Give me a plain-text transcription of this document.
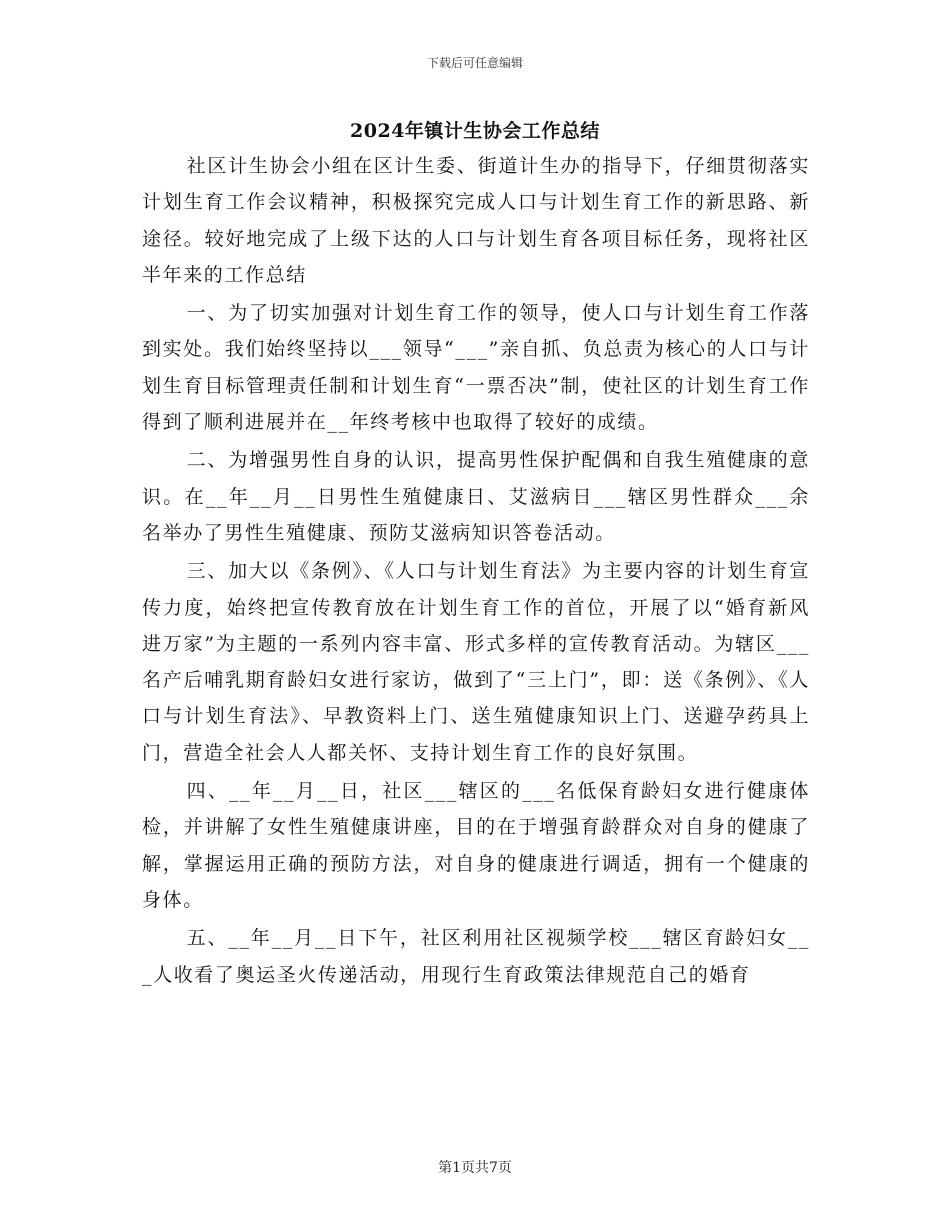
下载后可任意编辑
2024年镇计生协会工作总结

社区计生协会小组在区计生委、街道计生办的指导下，仔细贯彻落实计划生育工作会议精神，积极探究完成人口与计划生育工作的新思路、新途径。较好地完成了上级下达的人口与计划生育各项目标任务，现将社区半年来的工作总结

一、为了切实加强对计划生育工作的领导，使人口与计划生育工作落到实处。我们始终坚持以___领导“___”亲自抓、负总责为核心的人口与计划生育目标管理责任制和计划生育“一票否决”制，使社区的计划生育工作得到了顺利进展并在__年终考核中也取得了较好的成绩。

二、为增强男性自身的认识，提高男性保护配偶和自我生殖健康的意识。在__年__月__日男性生殖健康日、艾滋病日___辖区男性群众___余名举办了男性生殖健康、预防艾滋病知识答卷活动。

三、加大以《条例》、《人口与计划生育法》为主要内容的计划生育宣传力度，始终把宣传教育放在计划生育工作的首位，开展了以“婚育新风进万家”为主题的一系列内容丰富、形式多样的宣传教育活动。为辖区___名产后哺乳期育龄妇女进行家访，做到了“三上门”，即：送《条例》、《人口与计划生育法》、早教资料上门、送生殖健康知识上门、送避孕药具上门，营造全社会人人都关怀、支持计划生育工作的良好氛围。

四、__年__月__日，社区___辖区的___名低保育龄妇女进行健康体检，并讲解了女性生殖健康讲座，目的在于增强育龄群众对自身的健康了解，掌握运用正确的预防方法，对自身的健康进行调适，拥有一个健康的身体。

五、__年__月__日下午，社区利用社区视频学校___辖区育龄妇女___人收看了奥运圣火传递活动，用现行生育政策法律规范自己的婚育

第1页共7页
